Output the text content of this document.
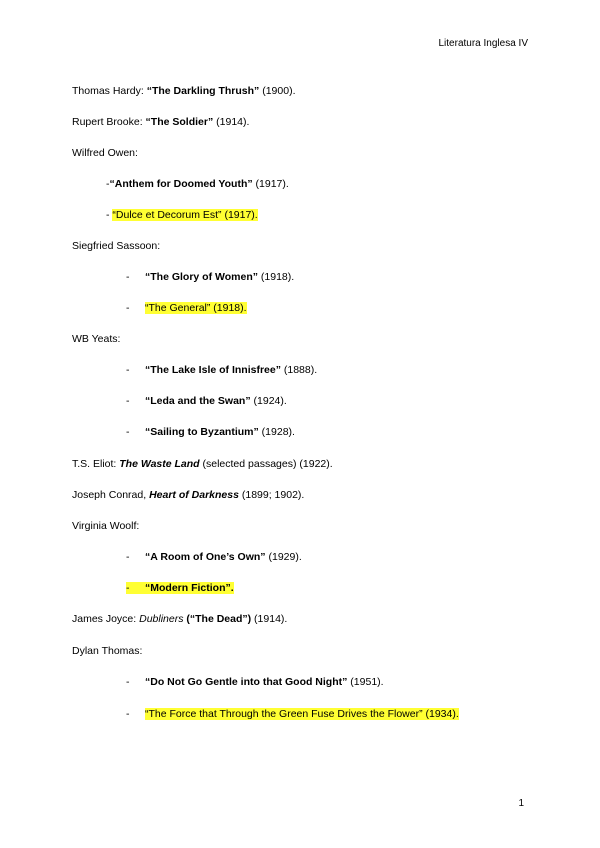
Literatura Inglesa IV
Thomas Hardy: “The Darkling Thrush” (1900).
Rupert Brooke: “The Soldier” (1914).
Wilfred Owen:
-“Anthem for Doomed Youth” (1917).
- “Dulce et Decorum Est” (1917).
Siegfried Sassoon:
- “The Glory of Women” (1918).
- “The General” (1918).
WB Yeats:
- “The Lake Isle of Innisfree” (1888).
- “Leda and the Swan” (1924).
- “Sailing to Byzantium” (1928).
T.S. Eliot: The Waste Land (selected passages) (1922).
Joseph Conrad, Heart of Darkness (1899; 1902).
Virginia Woolf:
- “A Room of One’s Own” (1929).
- “Modern Fiction”.
James Joyce: Dubliners (“The Dead”) (1914).
Dylan Thomas:
- “Do Not Go Gentle into that Good Night” (1951).
- “The Force that Through the Green Fuse Drives the Flower” (1934).
1
